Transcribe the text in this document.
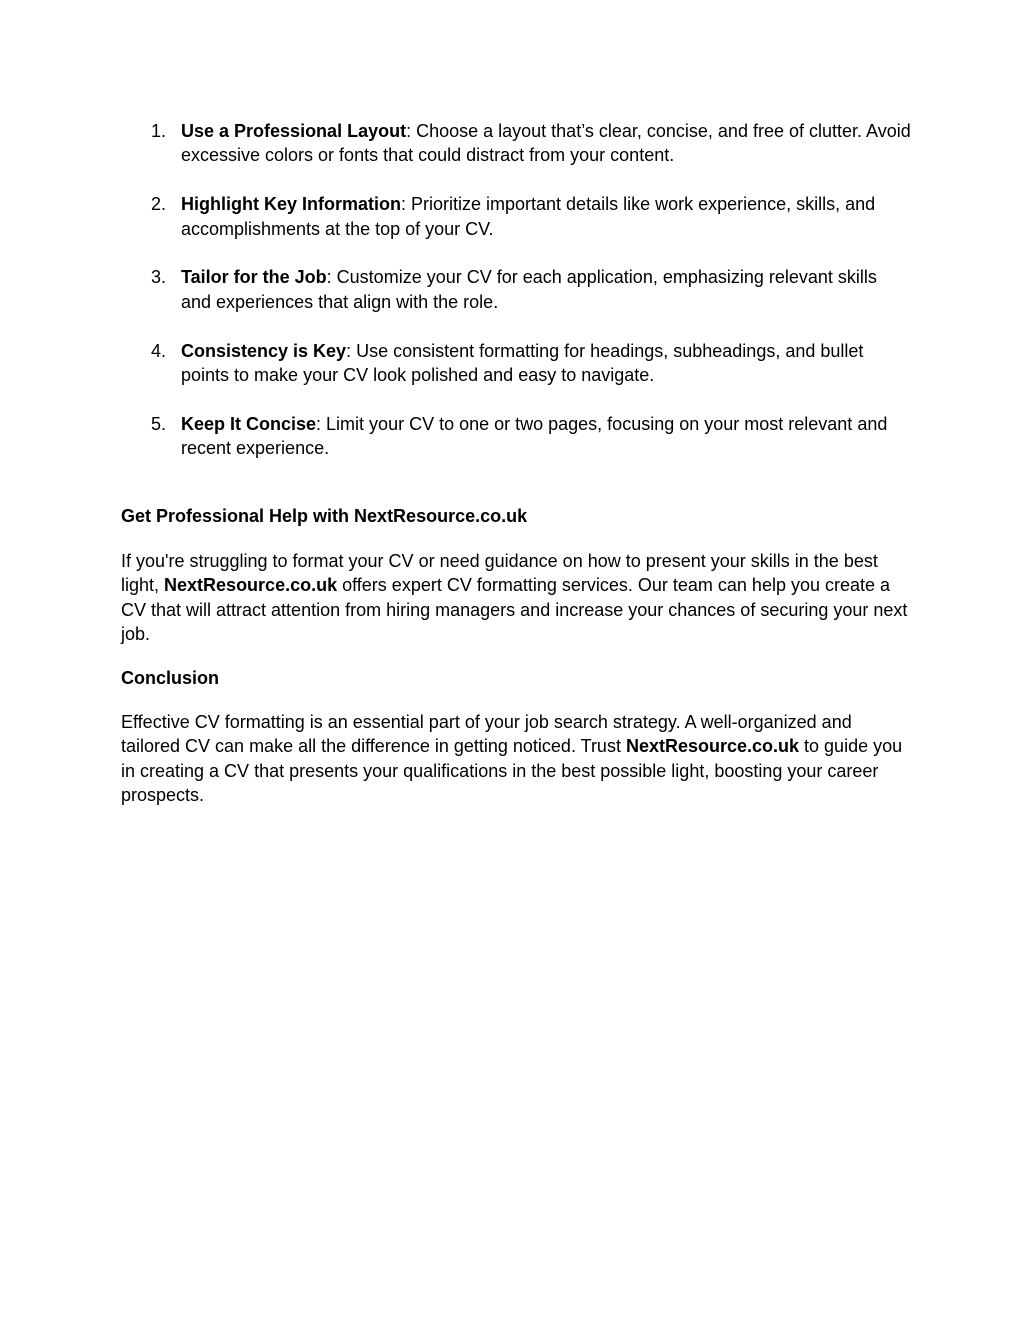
1. Use a Professional Layout: Choose a layout that’s clear, concise, and free of clutter. Avoid excessive colors or fonts that could distract from your content.
2. Highlight Key Information: Prioritize important details like work experience, skills, and accomplishments at the top of your CV.
3. Tailor for the Job: Customize your CV for each application, emphasizing relevant skills and experiences that align with the role.
4. Consistency is Key: Use consistent formatting for headings, subheadings, and bullet points to make your CV look polished and easy to navigate.
5. Keep It Concise: Limit your CV to one or two pages, focusing on your most relevant and recent experience.
Get Professional Help with NextResource.co.uk

If you're struggling to format your CV or need guidance on how to present your skills in the best light, NextResource.co.uk offers expert CV formatting services. Our team can help you create a CV that will attract attention from hiring managers and increase your chances of securing your next job.

Conclusion

Effective CV formatting is an essential part of your job search strategy. A well-organized and tailored CV can make all the difference in getting noticed. Trust NextResource.co.uk to guide you in creating a CV that presents your qualifications in the best possible light, boosting your career prospects.
